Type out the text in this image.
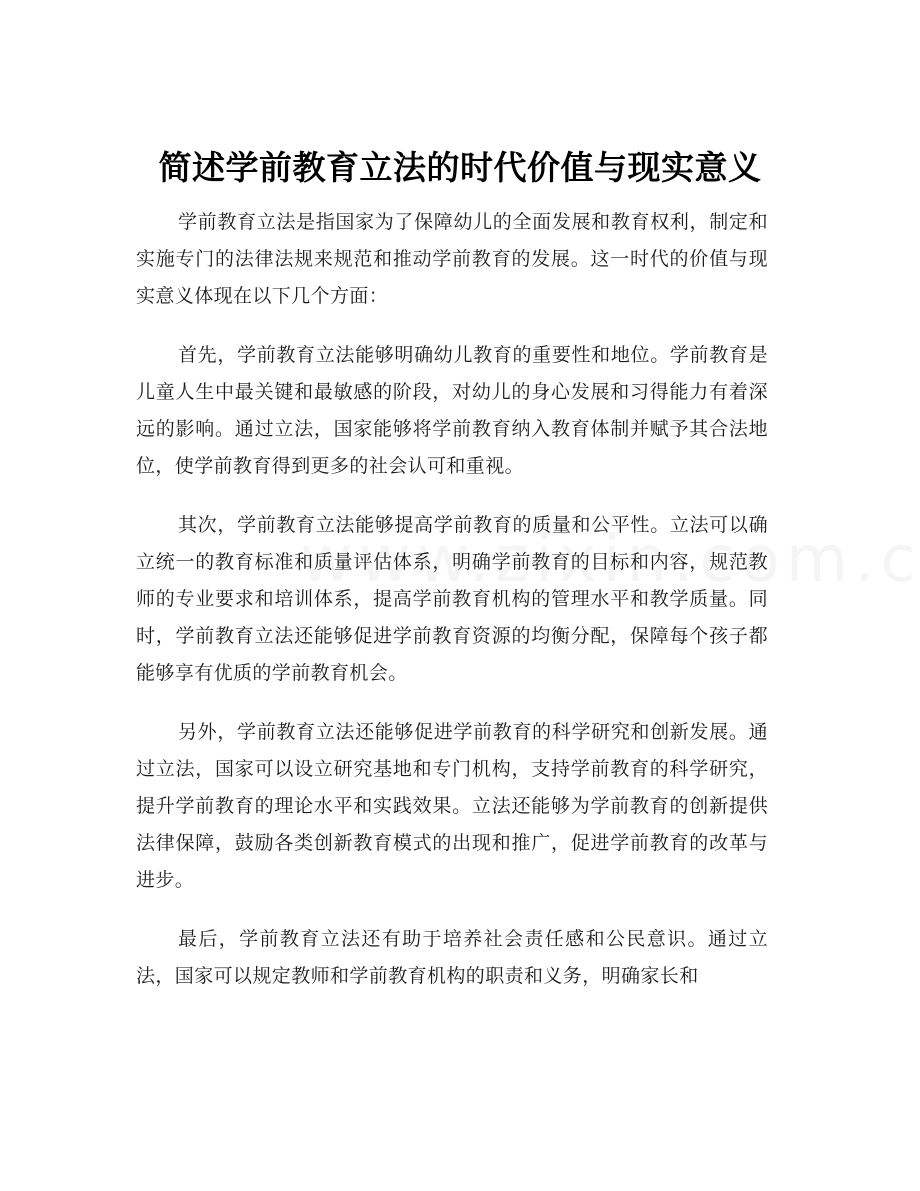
简述学前教育立法的时代价值与现实意义

学前教育立法是指国家为了保障幼儿的全面发展和教育权利，制定和实施专门的法律法规来规范和推动学前教育的发展。这一时代的价值与现实意义体现在以下几个方面：

首先，学前教育立法能够明确幼儿教育的重要性和地位。学前教育是儿童人生中最关键和最敏感的阶段，对幼儿的身心发展和习得能力有着深远的影响。通过立法，国家能够将学前教育纳入教育体制并赋予其合法地位，使学前教育得到更多的社会认可和重视。

其次，学前教育立法能够提高学前教育的质量和公平性。立法可以确立统一的教育标准和质量评估体系，明确学前教育的目标和内容，规范教师的专业要求和培训体系，提高学前教育机构的管理水平和教学质量。同时，学前教育立法还能够促进学前教育资源的均衡分配，保障每个孩子都能够享有优质的学前教育机会。

另外，学前教育立法还能够促进学前教育的科学研究和创新发展。通过立法，国家可以设立研究基地和专门机构，支持学前教育的科学研究，提升学前教育的理论水平和实践效果。立法还能够为学前教育的创新提供法律保障，鼓励各类创新教育模式的出现和推广，促进学前教育的改革与进步。

最后，学前教育立法还有助于培养社会责任感和公民意识。通过立法，国家可以规定教师和学前教育机构的职责和义务，明确家长和
